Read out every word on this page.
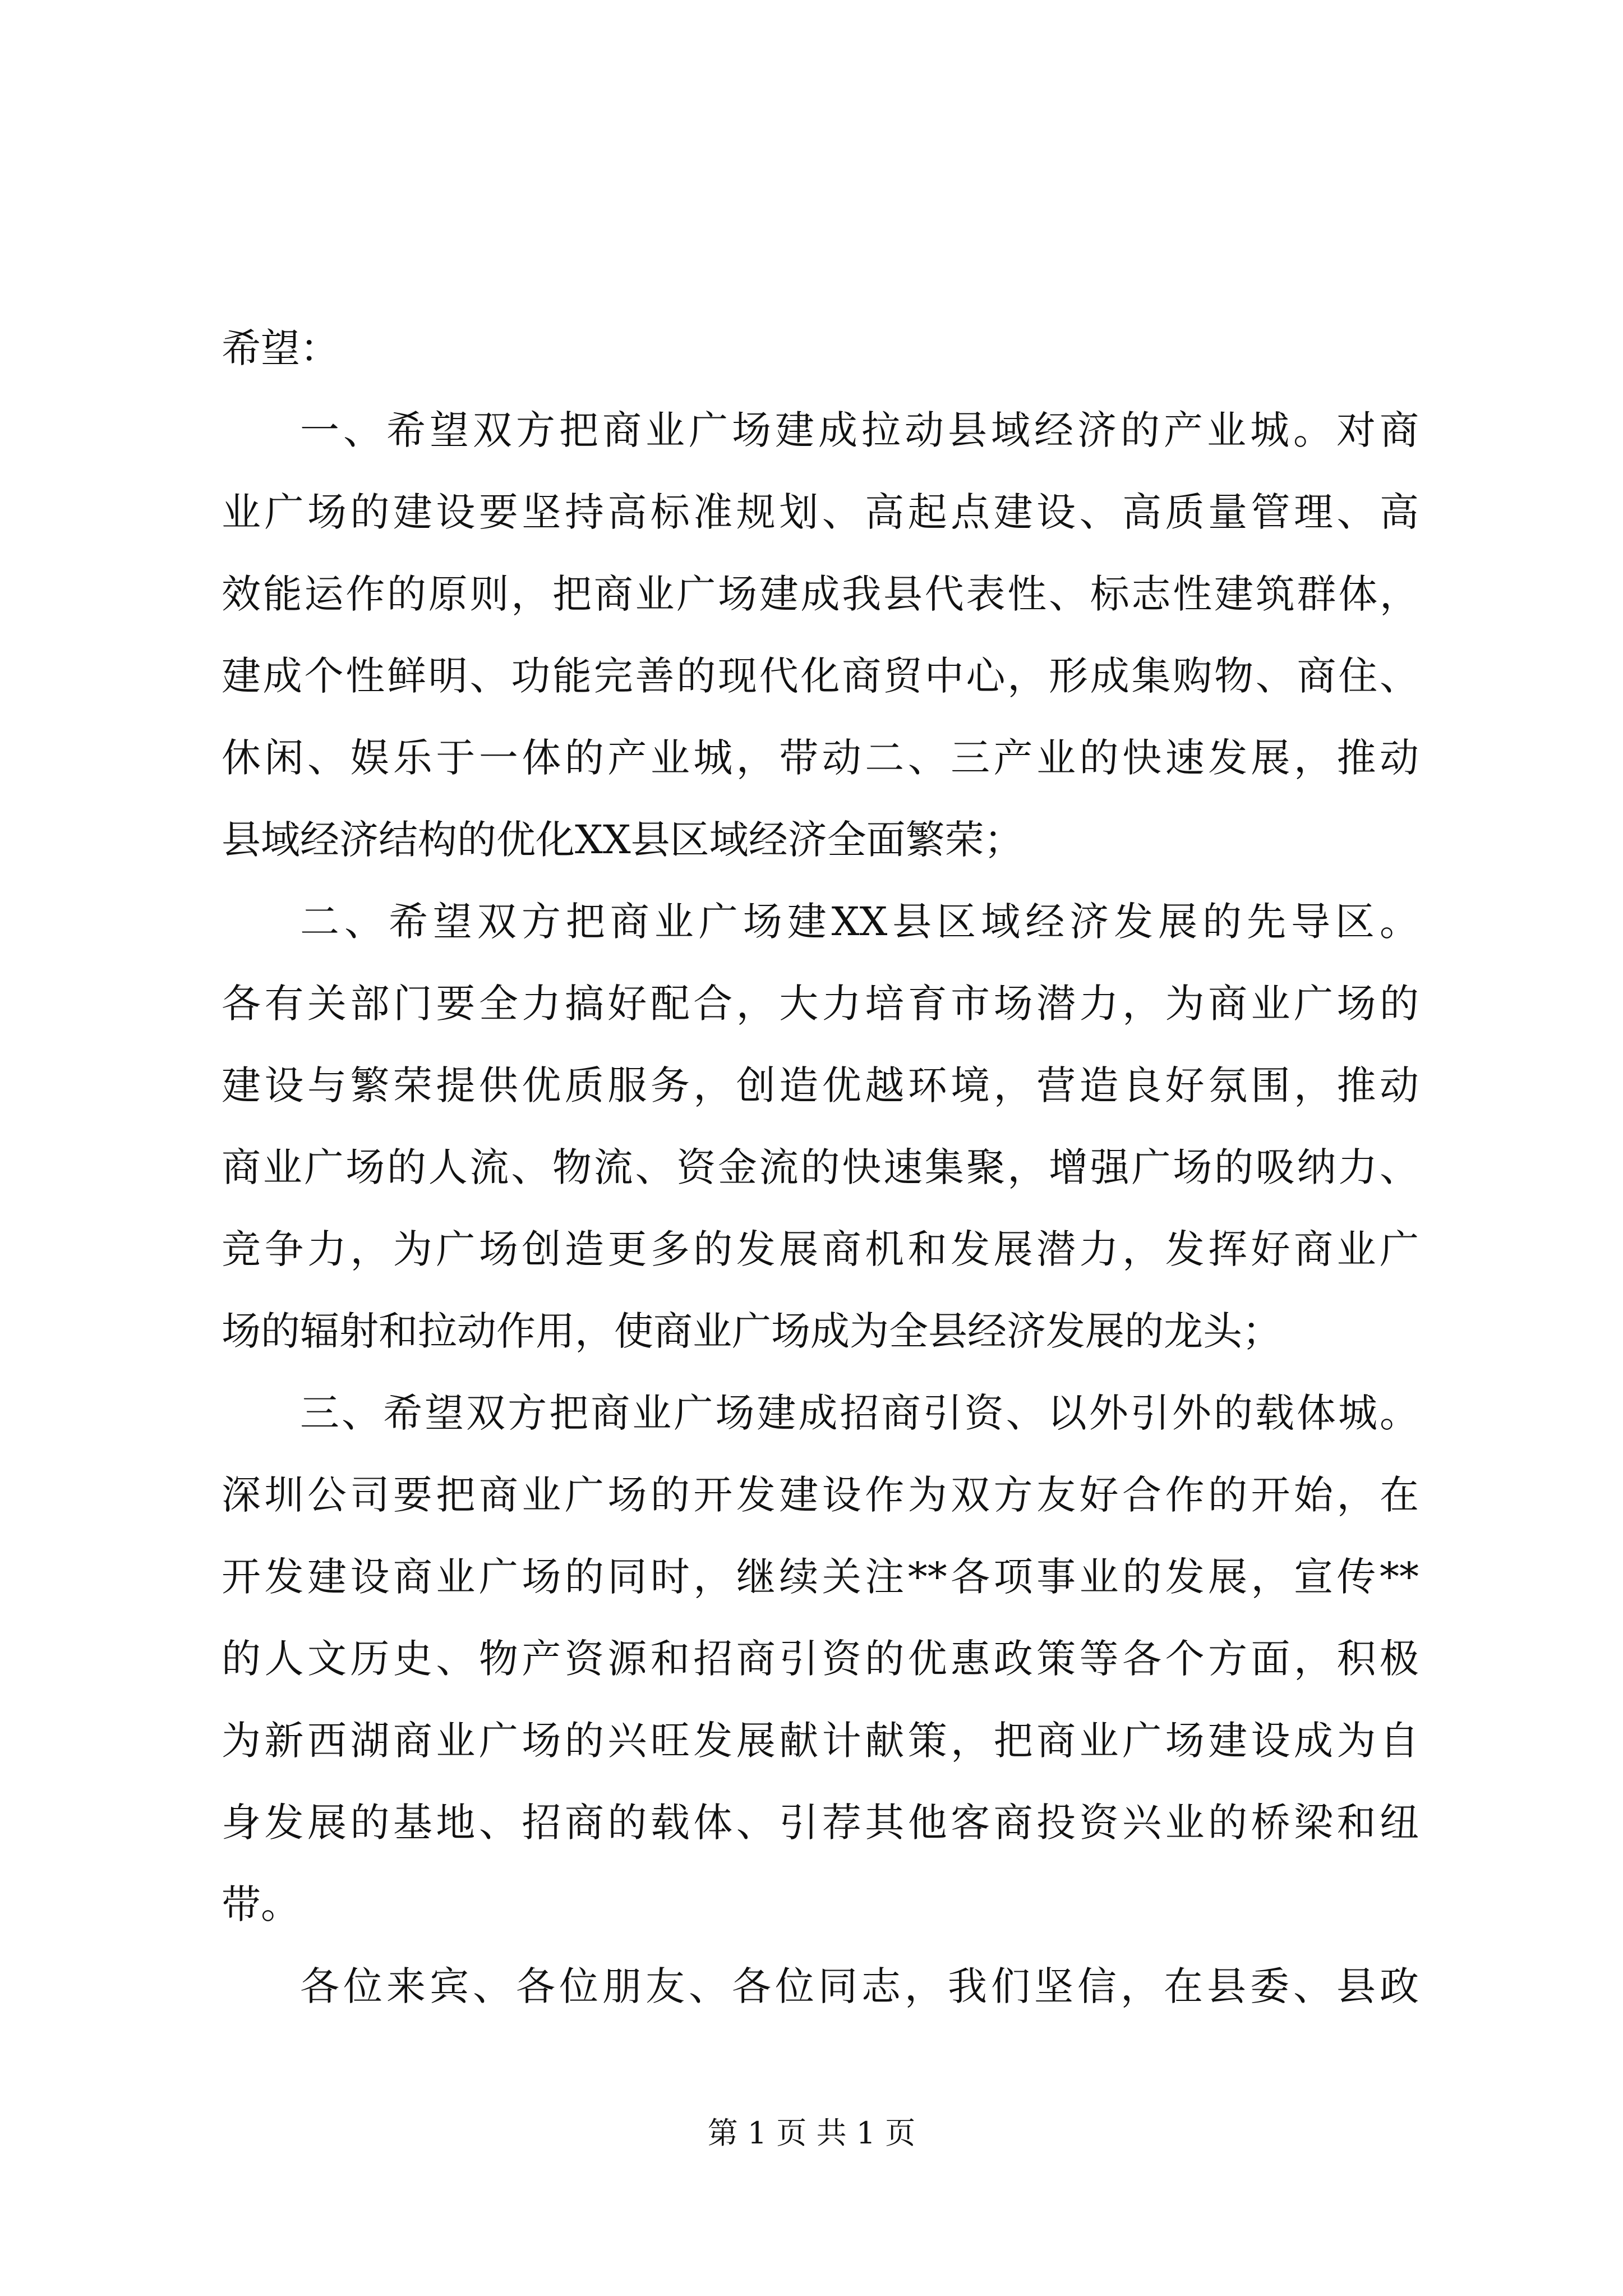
希望：
一、希望双方把商业广场建成拉动县域经济的产业城。对商
业广场的建设要坚持高标准规划、高起点建设、高质量管理、高
效能运作的原则，把商业广场建成我县代表性、标志性建筑群体，
建成个性鲜明、功能完善的现代化商贸中心，形成集购物、商住、
休闲、娱乐于一体的产业城，带动二、三产业的快速发展，推动
县域经济结构的优化XX县区域经济全面繁荣；
二、希望双方把商业广场建XX县区域经济发展的先导区。
各有关部门要全力搞好配合，大力培育市场潜力，为商业广场的
建设与繁荣提供优质服务，创造优越环境，营造良好氛围，推动
商业广场的人流、物流、资金流的快速集聚，增强广场的吸纳力、
竞争力，为广场创造更多的发展商机和发展潜力，发挥好商业广
场的辐射和拉动作用，使商业广场成为全县经济发展的龙头；
三、希望双方把商业广场建成招商引资、以外引外的载体城。
深圳公司要把商业广场的开发建设作为双方友好合作的开始，在
开发建设商业广场的同时，继续关注**各项事业的发展，宣传**
的人文历史、物产资源和招商引资的优惠政策等各个方面，积极
为新西湖商业广场的兴旺发展献计献策，把商业广场建设成为自
身发展的基地、招商的载体、引荐其他客商投资兴业的桥梁和纽
带。
各位来宾、各位朋友、各位同志，我们坚信，在县委、县政
第 1 页 共 1 页
